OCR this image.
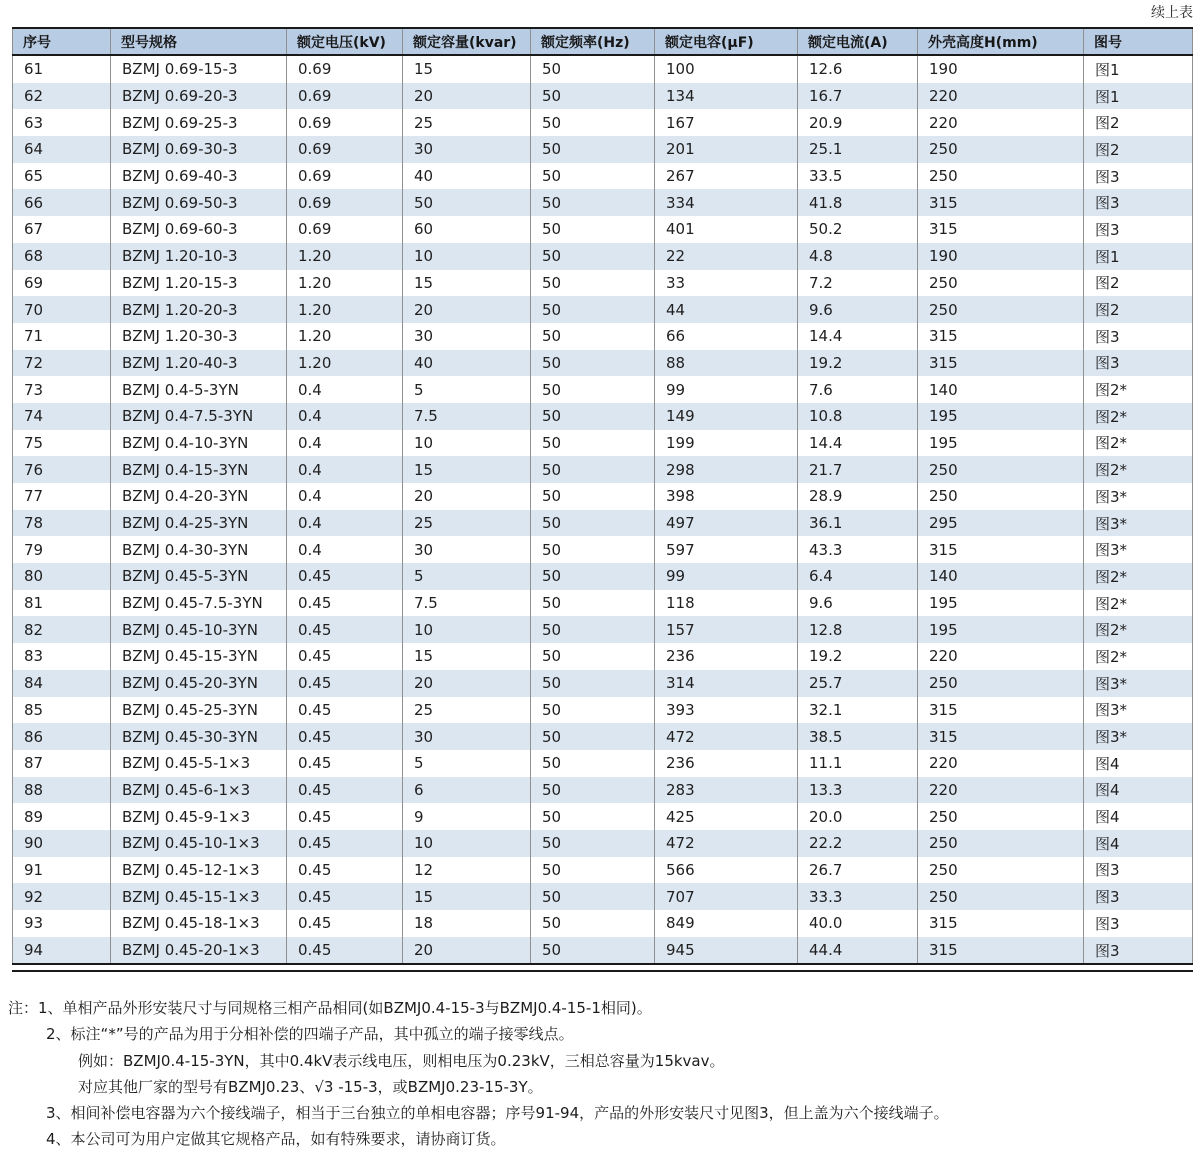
续上表
序号	型号规格	额定电压(kV)	额定容量(kvar)	额定频率(Hz)	额定电容(μF)	额定电流(A)	外壳高度H(mm)	图号
61	BZMJ 0.69-15-3	0.69	15	50	100	12.6	190	图1
62	BZMJ 0.69-20-3	0.69	20	50	134	16.7	220	图1
63	BZMJ 0.69-25-3	0.69	25	50	167	20.9	220	图2
64	BZMJ 0.69-30-3	0.69	30	50	201	25.1	250	图2
65	BZMJ 0.69-40-3	0.69	40	50	267	33.5	250	图3
66	BZMJ 0.69-50-3	0.69	50	50	334	41.8	315	图3
67	BZMJ 0.69-60-3	0.69	60	50	401	50.2	315	图3
68	BZMJ 1.20-10-3	1.20	10	50	22	4.8	190	图1
69	BZMJ 1.20-15-3	1.20	15	50	33	7.2	250	图2
70	BZMJ 1.20-20-3	1.20	20	50	44	9.6	250	图2
71	BZMJ 1.20-30-3	1.20	30	50	66	14.4	315	图3
72	BZMJ 1.20-40-3	1.20	40	50	88	19.2	315	图3
73	BZMJ 0.4-5-3YN	0.4	5	50	99	7.6	140	图2*
74	BZMJ 0.4-7.5-3YN	0.4	7.5	50	149	10.8	195	图2*
75	BZMJ 0.4-10-3YN	0.4	10	50	199	14.4	195	图2*
76	BZMJ 0.4-15-3YN	0.4	15	50	298	21.7	250	图2*
77	BZMJ 0.4-20-3YN	0.4	20	50	398	28.9	250	图3*
78	BZMJ 0.4-25-3YN	0.4	25	50	497	36.1	295	图3*
79	BZMJ 0.4-30-3YN	0.4	30	50	597	43.3	315	图3*
80	BZMJ 0.45-5-3YN	0.45	5	50	99	6.4	140	图2*
81	BZMJ 0.45-7.5-3YN	0.45	7.5	50	118	9.6	195	图2*
82	BZMJ 0.45-10-3YN	0.45	10	50	157	12.8	195	图2*
83	BZMJ 0.45-15-3YN	0.45	15	50	236	19.2	220	图2*
84	BZMJ 0.45-20-3YN	0.45	20	50	314	25.7	250	图3*
85	BZMJ 0.45-25-3YN	0.45	25	50	393	32.1	315	图3*
86	BZMJ 0.45-30-3YN	0.45	30	50	472	38.5	315	图3*
87	BZMJ 0.45-5-1×3	0.45	5	50	236	11.1	220	图4
88	BZMJ 0.45-6-1×3	0.45	6	50	283	13.3	220	图4
89	BZMJ 0.45-9-1×3	0.45	9	50	425	20.0	250	图4
90	BZMJ 0.45-10-1×3	0.45	10	50	472	22.2	250	图4
91	BZMJ 0.45-12-1×3	0.45	12	50	566	26.7	250	图3
92	BZMJ 0.45-15-1×3	0.45	15	50	707	33.3	250	图3
93	BZMJ 0.45-18-1×3	0.45	18	50	849	40.0	315	图3
94	BZMJ 0.45-20-1×3	0.45	20	50	945	44.4	315	图3
注：1、单相产品外形安装尺寸与同规格三相产品相同(如BZMJ0.4-15-3与BZMJ0.4-15-1相同)。
2、标注“*”号的产品为用于分相补偿的四端子产品，其中孤立的端子接零线点。
例如：BZMJ0.4-15-3YN，其中0.4kV表示线电压，则相电压为0.23kV，三相总容量为15kvav。
对应其他厂家的型号有BZMJ0.23、√3 -15-3，或BZMJ0.23-15-3Y。
3、相间补偿电容器为六个接线端子，相当于三台独立的单相电容器；序号91-94，产品的外形安装尺寸见图3，但上盖为六个接线端子。
4、本公司可为用户定做其它规格产品，如有特殊要求，请协商订货。
